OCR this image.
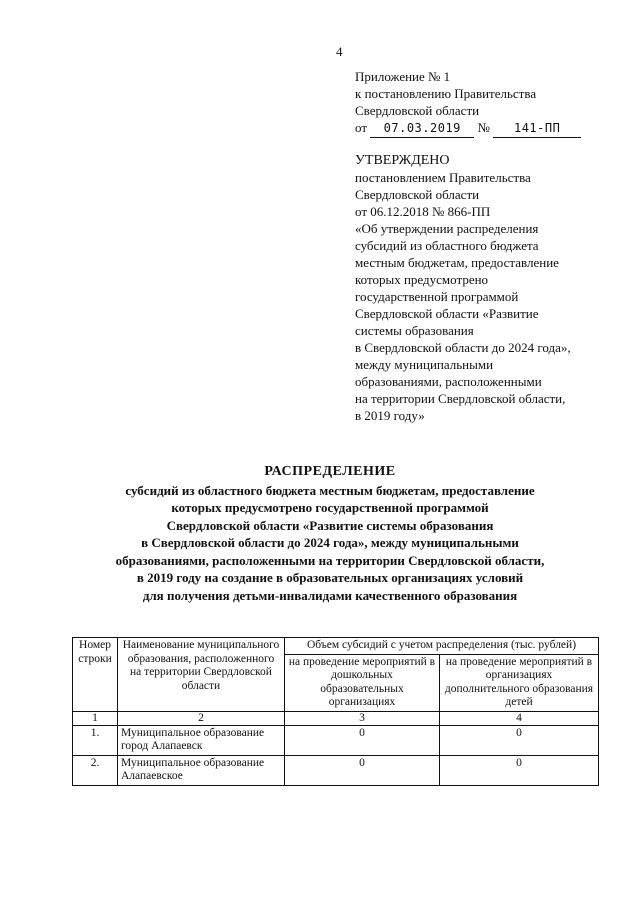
4
Приложение № 1
к постановлению Правительства
Свердловской области
от 07.03.2019 № 141-ПП
УТВЕРЖДЕНО
постановлением Правительства
Свердловской области
от 06.12.2018 № 866-ПП
«Об утверждении распределения
субсидий из областного бюджета
местным бюджетам, предоставление
которых предусмотрено
государственной программой
Свердловской области «Развитие
системы образования
в Свердловской области до 2024 года»,
между муниципальными
образованиями, расположенными
на территории Свердловской области,
в 2019 году»
РАСПРЕДЕЛЕНИЕ
субсидий из областного бюджета местным бюджетам, предоставление
которых предусмотрено государственной программой
Свердловской области «Развитие системы образования
в Свердловской области до 2024 года», между муниципальными
образованиями, расположенными на территории Свердловской области,
в 2019 году на создание в образовательных организациях условий
для получения детьми-инвалидами качественного образования
Номер строки	Наименование муниципального образования, расположенного на территории Свердловской области	Объем субсидий с учетом распределения (тыс. рублей)	
		на проведение мероприятий в дошкольных образовательных организациях	на проведение мероприятий в организациях дополнительного образования детей
1	2	3	4
1.	Муниципальное образование город Алапаевск	0	0
2.	Муниципальное образование Алапаевское	0	0
